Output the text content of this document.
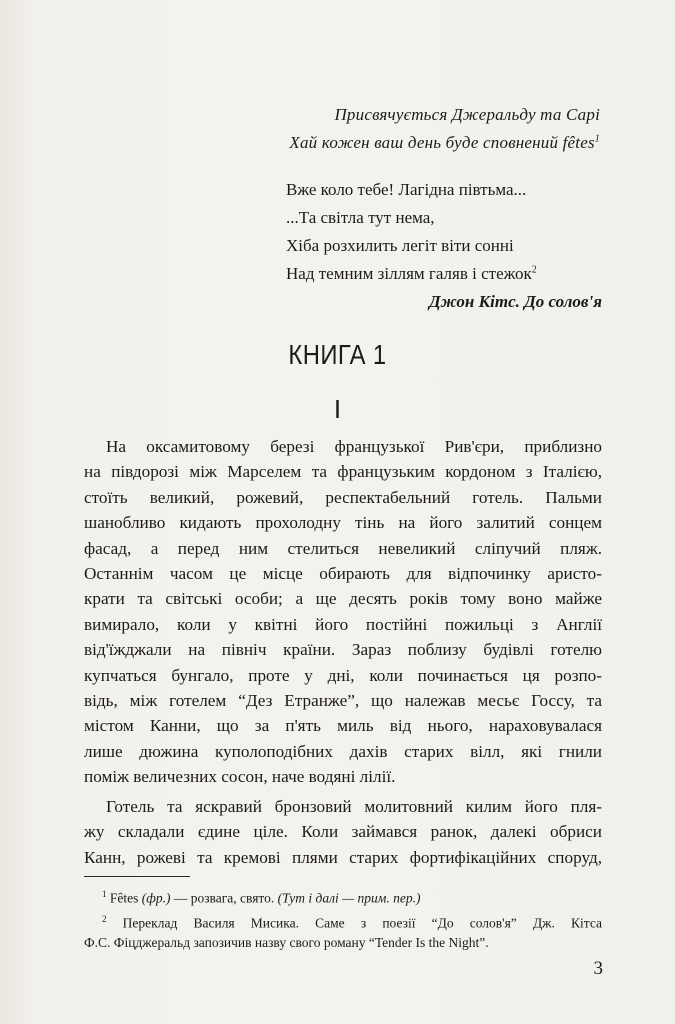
Присвячується Джеральду та Сарі
Хай кожен ваш день буде сповнений fêtes$^1$
Вже коло тебе! Лагідна півтьма...
...Та світла тут нема,
Хіба розхилить легіт віти сонні
Над темним зіллям галяв і стежок$^2$
Джон Кітс. До солов'я
КНИГА 1
I

На оксамитовому березі французької Рив'єри, приблизно
на півдорозі між Марселем та французьким кордоном з Італією,
стоїть великий, рожевий, респектабельний готель. Пальми
шанобливо кидають прохолодну тінь на його залитий сонцем
фасад, а перед ним стелиться невеликий сліпучий пляж.
Останнім часом це місце обирають для відпочинку аристо-
крати та світські особи; а ще десять років тому воно майже
вимирало, коли у квітні його постійні пожильці з Англії
від'їжджали на північ країни. Зараз поблизу будівлі готелю
купчаться бунгало, проте у дні, коли починається ця розпо-
відь, між готелем “Дез Етранже”, що належав месьє Госсу, та
містом Канни, що за п'ять миль від нього, нараховувалася
лише дюжина куполоподібних дахів старих вілл, які гнили
поміж величезних сосон, наче водяні лілії.

Готель та яскравий бронзовий молитовний килим його пля-
жу складали єдине ціле. Коли займався ранок, далекі обриси
Канн, рожеві та кремові плями старих фортифікаційних споруд,

$^1$ Fêtes (фр.) — розвага, свято. (Тут і далі — прим. пер.)
$^2$ Переклад Василя Мисика. Саме з поезії “До солов'я” Дж. Кітса
Ф.С. Фіцджеральд запозичив назву свого роману “Tender Is the Night”.
3
